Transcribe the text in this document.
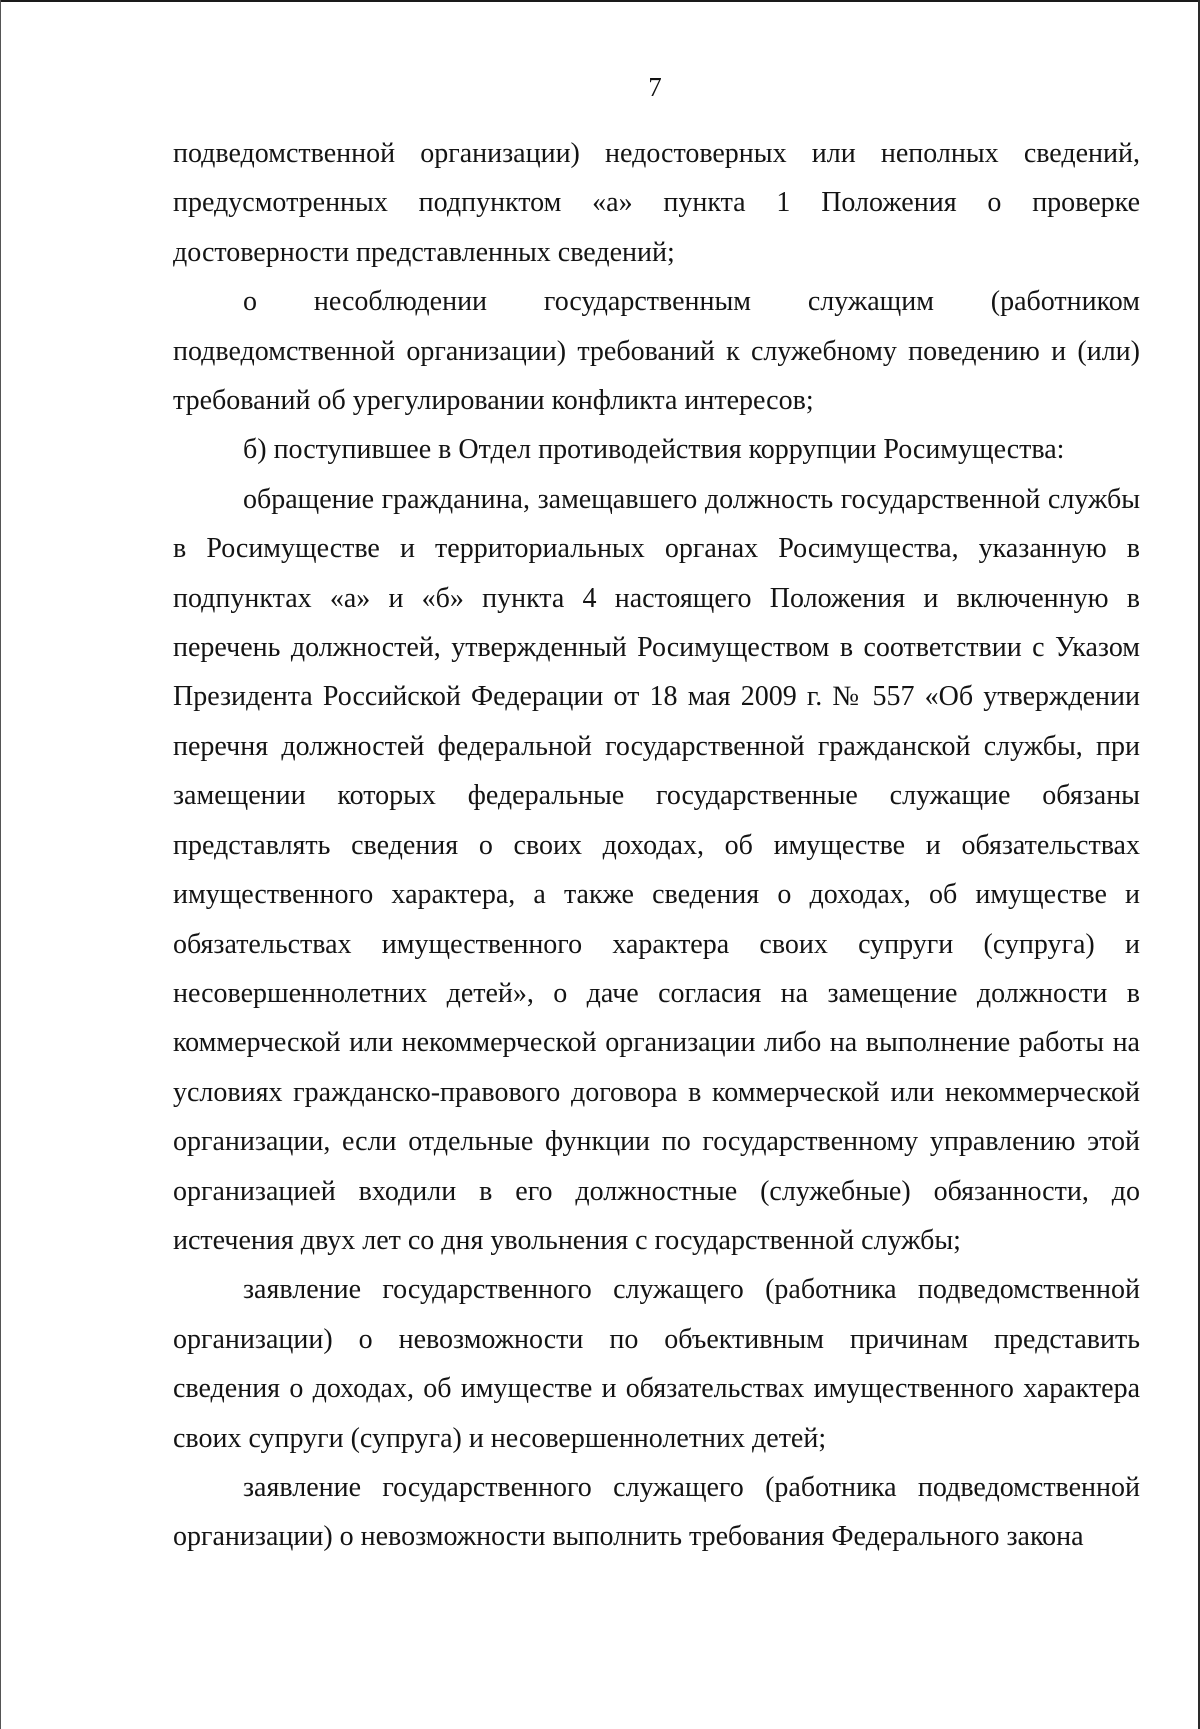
7

подведомственной организации) недостоверных или неполных сведений, предусмотренных подпунктом «а» пункта 1 Положения о проверке достоверности представленных сведений;

о несоблюдении государственным служащим (работником подведомственной организации) требований к служебному поведению и (или) требований об урегулировании конфликта интересов;

б) поступившее в Отдел противодействия коррупции Росимущества:

обращение гражданина, замещавшего должность государственной службы в Росимуществе и территориальных органах Росимущества, указанную в подпунктах «а» и «б» пункта 4 настоящего Положения и включенную в перечень должностей, утвержденный Росимуществом в соответствии с Указом Президента Российской Федерации от 18 мая 2009 г. № 557 «Об утверждении перечня должностей федеральной государственной гражданской службы, при замещении которых федеральные государственные служащие обязаны представлять сведения о своих доходах, об имуществе и обязательствах имущественного характера, а также сведения о доходах, об имуществе и обязательствах имущественного характера своих супруги (супруга) и несовершеннолетних детей», о даче согласия на замещение должности в коммерческой или некоммерческой организации либо на выполнение работы на условиях гражданско-правового договора в коммерческой или некоммерческой организации, если отдельные функции по государственному управлению этой организацией входили в его должностные (служебные) обязанности, до истечения двух лет со дня увольнения с государственной службы;

заявление государственного служащего (работника подведомственной организации) о невозможности по объективным причинам представить сведения о доходах, об имуществе и обязательствах имущественного характера своих супруги (супруга) и несовершеннолетних детей;

заявление государственного служащего (работника подведомственной организации) о невозможности выполнить требования Федерального закона
